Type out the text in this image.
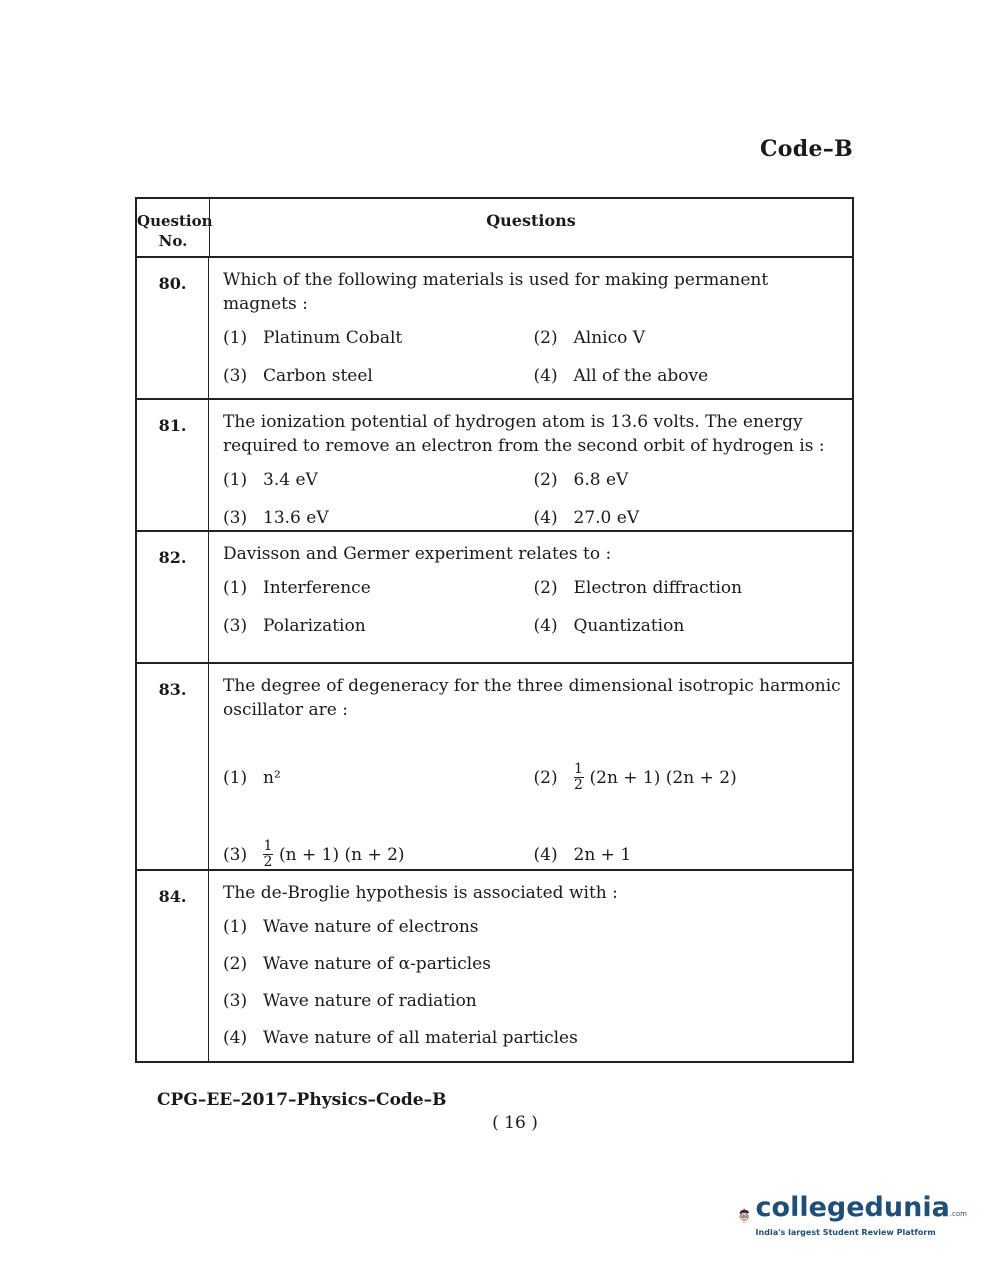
Code–B
Question No.
Questions
80.	Which of the following materials is used for making permanent magnets :
(1) Platinum Cobalt	(2) Alnico V
(3) Carbon steel	(4) All of the above
81.	The ionization potential of hydrogen atom is 13.6 volts. The energy required to remove an electron from the second orbit of hydrogen is :
(1) 3.4 eV	(2) 6.8 eV
(3) 13.6 eV	(4) 27.0 eV
82.	Davisson and Germer experiment relates to :
(1) Interference	(2) Electron diffraction
(3) Polarization	(4) Quantization
83.	The degree of degeneracy for the three dimensional isotropic harmonic oscillator are :
(1) n²	(2)	$\frac{1}{2} (2n + 1) (2n + 2)$
(3)	$\frac{1}{2} (n + 1) (n + 2)$	(4) 2n + 1
84.	The de-Broglie hypothesis is associated with :
(1) Wave nature of electrons
(2) Wave nature of α-particles
(3) Wave nature of radiation
(4) Wave nature of all material particles
CPG–EE–2017–Physics–Code–B
( 16 )
collegedunia.com
India's largest Student Review Platform
